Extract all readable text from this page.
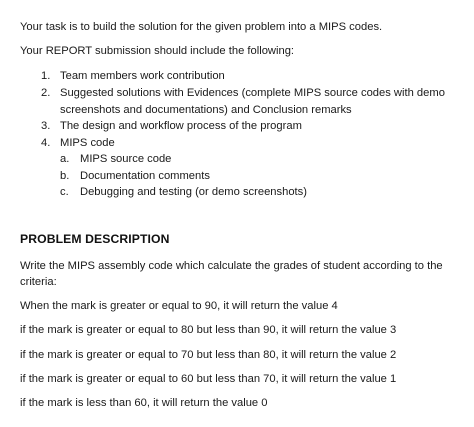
Your task is to build the solution for the given problem into a MIPS codes.
Your REPORT submission should include the following:
1. Team members work contribution
2. Suggested solutions with Evidences (complete MIPS source codes with demo
screenshots and documentations) and Conclusion remarks
3. The design and workflow process of the program
4. MIPS code
a. MIPS source code
b. Documentation comments
c. Debugging and testing (or demo screenshots)
PROBLEM DESCRIPTION
Write the MIPS assembly code which calculate the grades of student according to the
criteria:
When the mark is greater or equal to 90, it will return the value 4
if the mark is greater or equal to 80 but less than 90, it will return the value 3
if the mark is greater or equal to 70 but less than 80, it will return the value 2
if the mark is greater or equal to 60 but less than 70, it will return the value 1
if the mark is less than 60, it will return the value 0
